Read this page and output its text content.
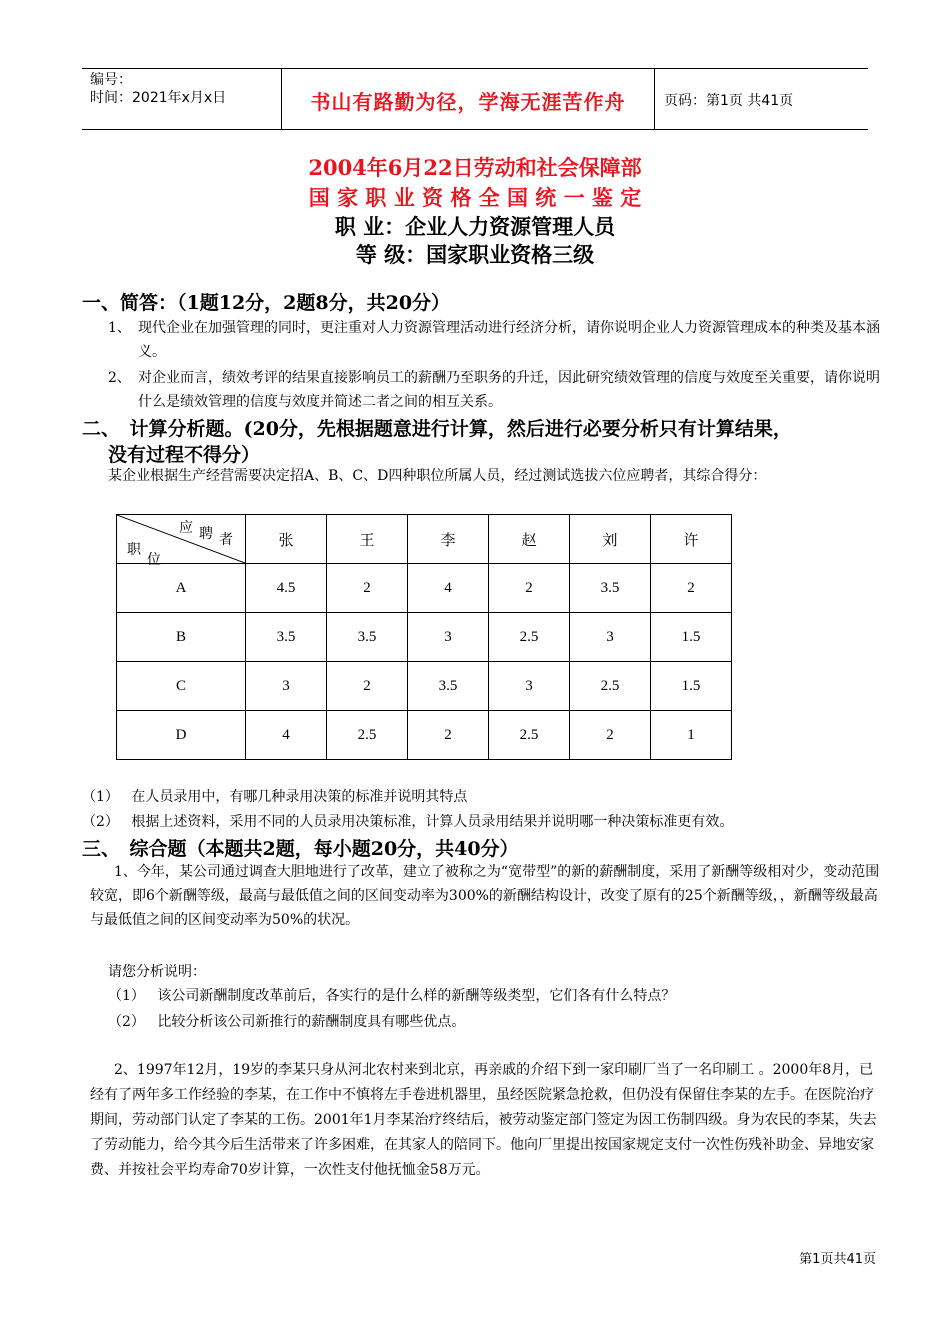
编号：
时间：2021年x月x日	书山有路勤为径，学海无涯苦作舟	页码：第1页 共41页
2004年6月22日劳动和社会保障部
国 家 职 业 资 格 全 国 统 一 鉴 定
职 业：企业人力资源管理人员
等 级：国家职业资格三级
一、简答：（1题12分，2题8分，共20分）
1、 现代企业在加强管理的同时，更注重对人力资源管理活动进行经济分析，请你说明企业人力资源管理成本的种类及基本涵义。
2、 对企业而言，绩效考评的结果直接影响员工的薪酬乃至职务的升迁，因此研究绩效管理的信度与效度至关重要，请你说明什么是绩效管理的信度与效度并简述二者之间的相互关系。
二、　计算分析题。(20分，先根据题意进行计算，然后进行必要分析只有计算结果，
没有过程不得分）
某企业根据生产经营需要决定招A、B、C、D四种职位所属人员，经过测试选拔六位应聘者，其综合得分：
职
位
应 聘 者	张	王	李	赵	刘	许
A	4.5	2	4	2	3.5	2
B	3.5	3.5	3	2.5	3	1.5
C	3	2	3.5	3	2.5	1.5
D	4	2.5	2	2.5	2	1
（1） 在人员录用中，有哪几种录用决策的标准并说明其特点
（2） 根据上述资料，采用不同的人员录用决策标准，计算人员录用结果并说明哪一种决策标准更有效。
三、　综合题（本题共2题，每小题20分，共40分）
1、今年，某公司通过调查大胆地进行了改革，建立了被称之为“宽带型”的新的薪酬制度，采用了新酬等级相对少，变动范围较宽，即6个新酬等级，最高与最低值之间的区间变动率为300%的新酬结构设计，改变了原有的25个新酬等级，，新酬等级最高与最低值之间的区间变动率为50%的状况。
请您分析说明：
（1） 该公司新酬制度改革前后，各实行的是什么样的新酬等级类型，它们各有什么特点？
（2） 比较分析该公司新推行的薪酬制度具有哪些优点。
2、1997年12月，19岁的李某只身从河北农村来到北京，再亲戚的介绍下到一家印刷厂当了一名印刷工 。2000年8月，已经有了两年多工作经验的李某，在工作中不慎将左手卷进机器里，虽经医院紧急抢救，但仍没有保留住李某的左手。在医院治疗期间，劳动部门认定了李某的工伤。2001年1月李某治疗终结后，被劳动鉴定部门签定为因工伤制四级。身为农民的李某，失去了劳动能力，给今其今后生活带来了许多困难，在其家人的陪同下。他向厂里提出按国家规定支付一次性伤残补助金、异地安家费、并按社会平均寿命70岁计算，一次性支付他抚恤金58万元。
第1页共41页
